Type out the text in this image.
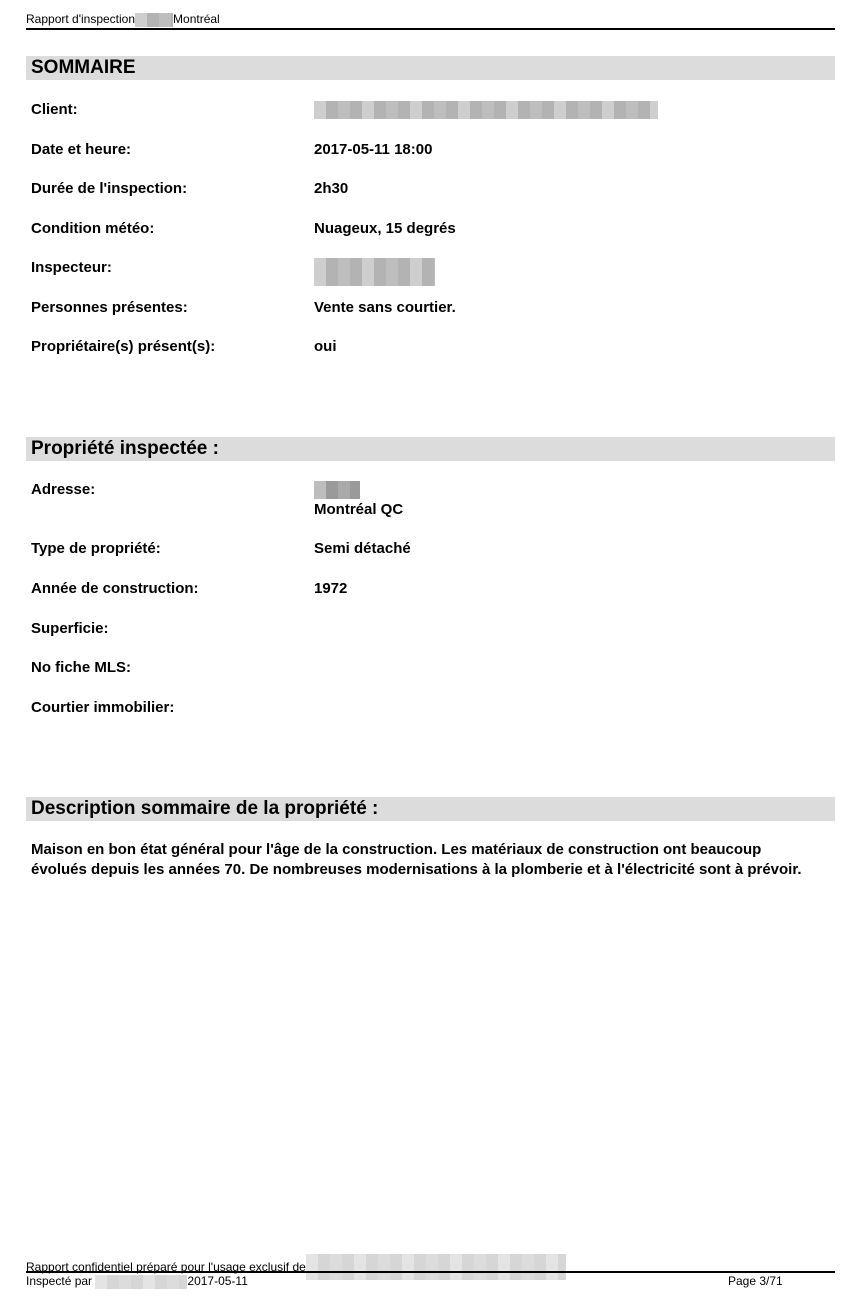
Rapport d'inspection	Montréal
SOMMAIRE
Client:
Date et heure:	2017-05-11 18:00
Durée de l'inspection:	2h30
Condition météo:	Nuageux, 15 degrés
Inspecteur:
Personnes présentes:	Vente sans courtier.
Propriétaire(s) présent(s):	oui
Propriété inspectée :
Adresse:
Montréal QC
Type de propriété:	Semi détaché
Année de construction:	1972
Superficie:
No fiche MLS:
Courtier immobilier:
Description sommaire de la propriété :
Maison en bon état général pour l'âge de la construction. Les matériaux de construction ont beaucoup évolués depuis les années 70. De nombreuses modernisations à la plomberie et à l'électricité sont à prévoir.
Rapport confidentiel préparé pour l'usage exclusif de
Inspecté par	2017-05-11	Page 3/71
